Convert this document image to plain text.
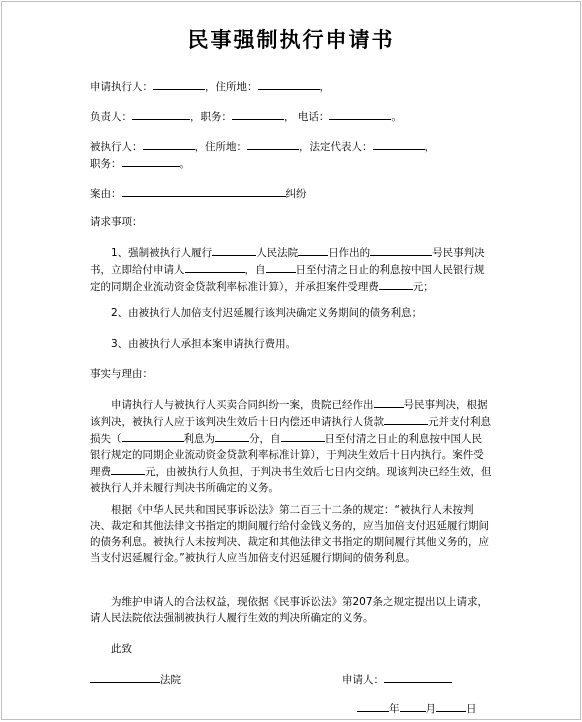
民事强制执行申请书
申请执行人：	，住所地：	，
负责人：	，职务：	， 电话：	。
被执行人：	，住所地：	，法定代表人：	，
职务：	。
案由：	纠纷
请求事项：
1、强制被执行人履行	人民法院	日作出的	号民事判决书，立即给付申请人	，自	日至付清之日止的利息按中国人民银行规定的同期企业流动资金贷款利率标准计算），并承担案件受理费	元；
2、由被执行人加倍支付迟延履行该判决确定义务期间的债务利息；
3、由被执行人承担本案申请执行费用。
事实与理由：
申请执行人与被执行人买卖合同纠纷一案，贵院已经作出	号民事判决，根据该判决，被执行人应于该判决生效后十日内偿还申请执行人货款	元并支付利息损失（	利息为	分，自	日至付清之日止的利息按中国人民银行规定的同期企业流动资金贷款利率标准计算），于判决生效后十日内执行。案件受理费	元，由被执行人负担，于判决书生效后七日内交纳。现该判决已经生效，但被执行人并未履行判决书所确定的义务。
根据《中华人民共和国民事诉讼法》第二百三十二条的规定：“被执行人未按判决、裁定和其他法律文书指定的期间履行给付金钱义务的，应当加倍支付迟延履行期间的债务利息。被执行人未按判决、裁定和其他法律文书指定的期间履行其他义务的，应当支付迟延履行金。”被执行人应当加倍支付迟延履行期间的债务利息。
为维护申请人的合法权益，现依据《民事诉讼法》第207条之规定提出以上请求，请人民法院依法强制被执行人履行生效的判决所确定的义务。
此致
法院	申请人：
年 月	日
